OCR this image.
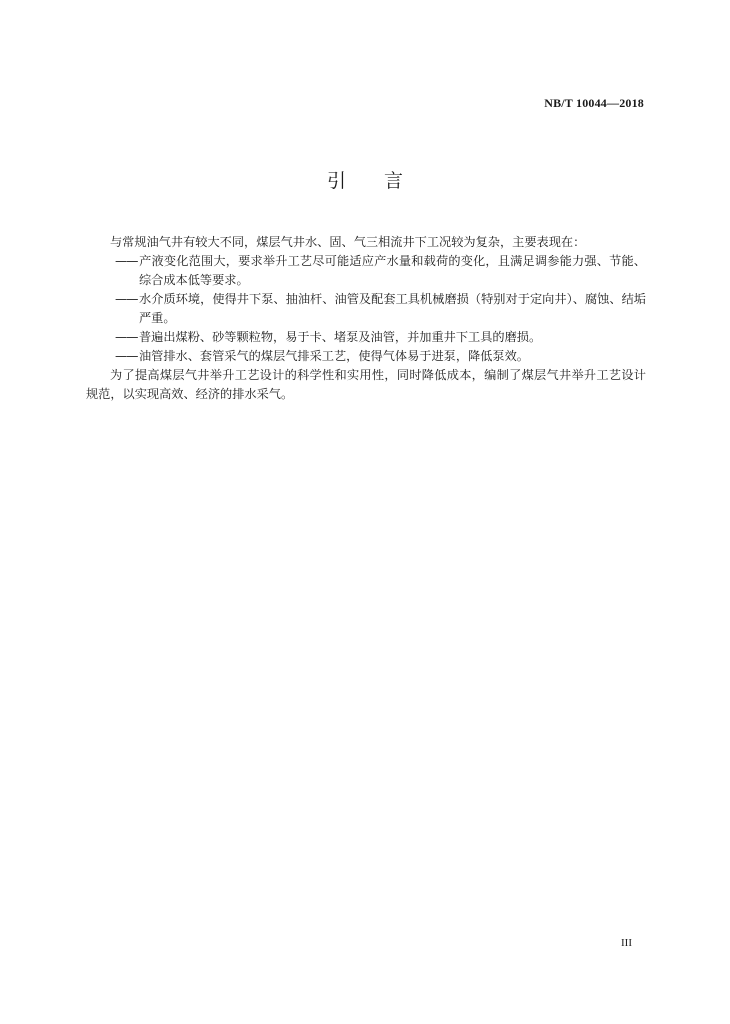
NB/T 10044—2018
引言

与常规油气井有较大不同，煤层气井水、固、气三相流井下工况较为复杂，主要表现在：

—— 产液变化范围大，要求举升工艺尽可能适应产水量和载荷的变化，且满足调参能力强、节能、综合成本低等要求。

—— 水介质环境，使得井下泵、抽油杆、油管及配套工具机械磨损（特别对于定向井）、腐蚀、结垢严重。

—— 普遍出煤粉、砂等颗粒物，易于卡、堵泵及油管，并加重井下工具的磨损。

—— 油管排水、套管采气的煤层气排采工艺，使得气体易于进泵，降低泵效。

为了提高煤层气井举升工艺设计的科学性和实用性，同时降低成本，编制了煤层气井举升工艺设计规范，以实现高效、经济的排水采气。

III
